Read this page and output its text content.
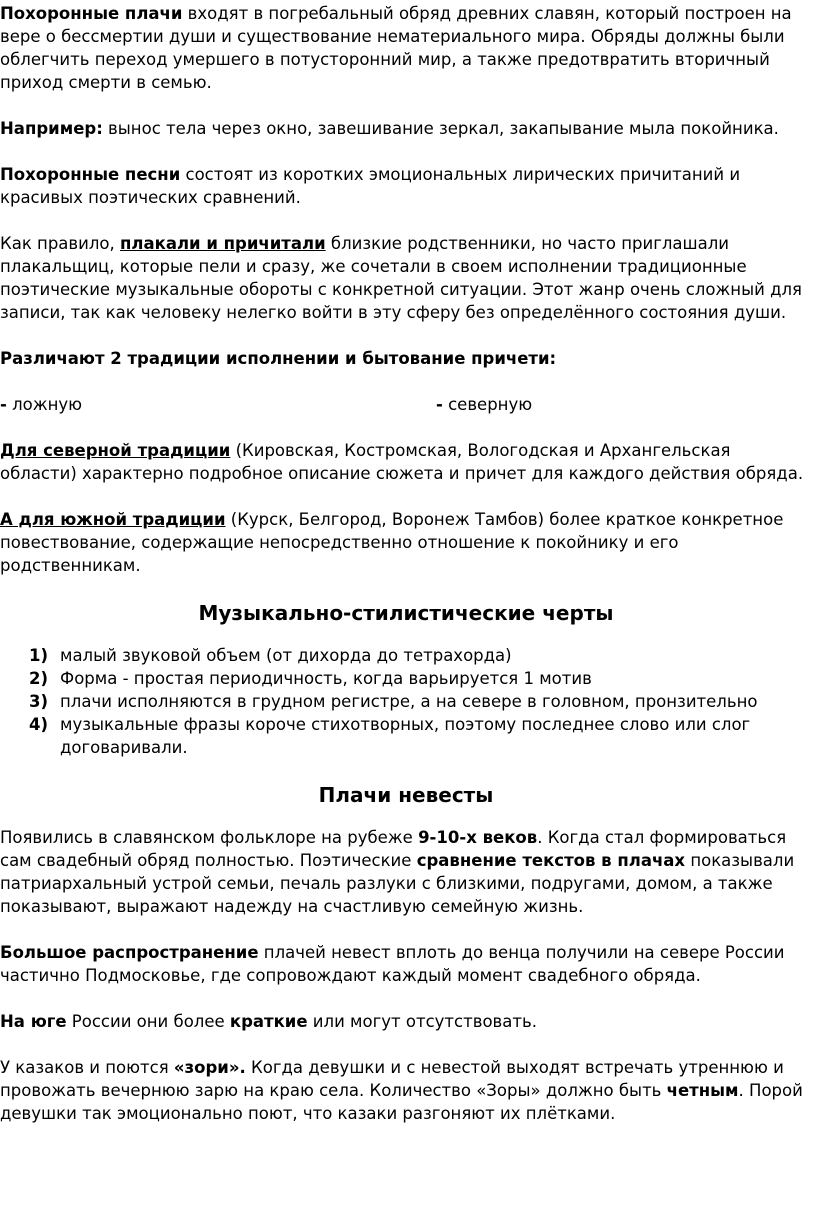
Похоронные плачи входят в погребальный обряд древних славян, который построен на вере о бессмертии души и существование нематериального мира. Обряды должны были облегчить переход умершего в потусторонний мир, а также предотвратить вторичный приход смерти в семью.

Например: вынос тела через окно, завешивание зеркал, закапывание мыла покойника.

Похоронные песни состоят из коротких эмоциональных лирических причитаний и красивых поэтических сравнений.

Как правило, плакали и причитали близкие родственники, но часто приглашали плакальщиц, которые пели и сразу, же сочетали в своем исполнении традиционные поэтические музыкальные обороты с конкретной ситуации. Этот жанр очень сложный для записи, так как человеку нелегко войти в эту сферу без определённого состояния души.

Различают 2 традиции исполнении и бытование причети:

- ложную	- северную

Для северной традиции (Кировская, Костромская, Вологодская и Архангельская области) характерно подробное описание сюжета и причет для каждого действия обряда.

А для южной традиции (Курск, Белгород, Воронеж Тамбов) более краткое конкретное повествование, содержащие непосредственно отношение к покойнику и его родственникам.

Музыкально-стилистические черты
1) малый звуковой объем (от дихорда до тетрахорда)
2) Форма - простая периодичность, когда варьируется 1 мотив
3) плачи исполняются в грудном регистре, а на севере в головном, пронзительно
4) музыкальные фразы короче стихотворных, поэтому последнее слово или слог договаривали.
Плачи невесты

Появились в славянском фольклоре на рубеже 9-10-х веков. Когда стал формироваться сам свадебный обряд полностью. Поэтические сравнение текстов в плачах показывали патриархальный устрой семьи, печаль разлуки с близкими, подругами, домом, а также показывают, выражают надежду на счастливую семейную жизнь.

Большое распространение плачей невест вплоть до венца получили на севере России частично Подмосковье, где сопровождают каждый момент свадебного обряда.

На юге России они более краткие или могут отсутствовать.

У казаков и поются «зори». Когда девушки и с невестой выходят встречать утреннюю и провожать вечернюю зарю на краю села. Количество «Зоры» должно быть четным. Порой девушки так эмоционально поют, что казаки разгоняют их плётками.
